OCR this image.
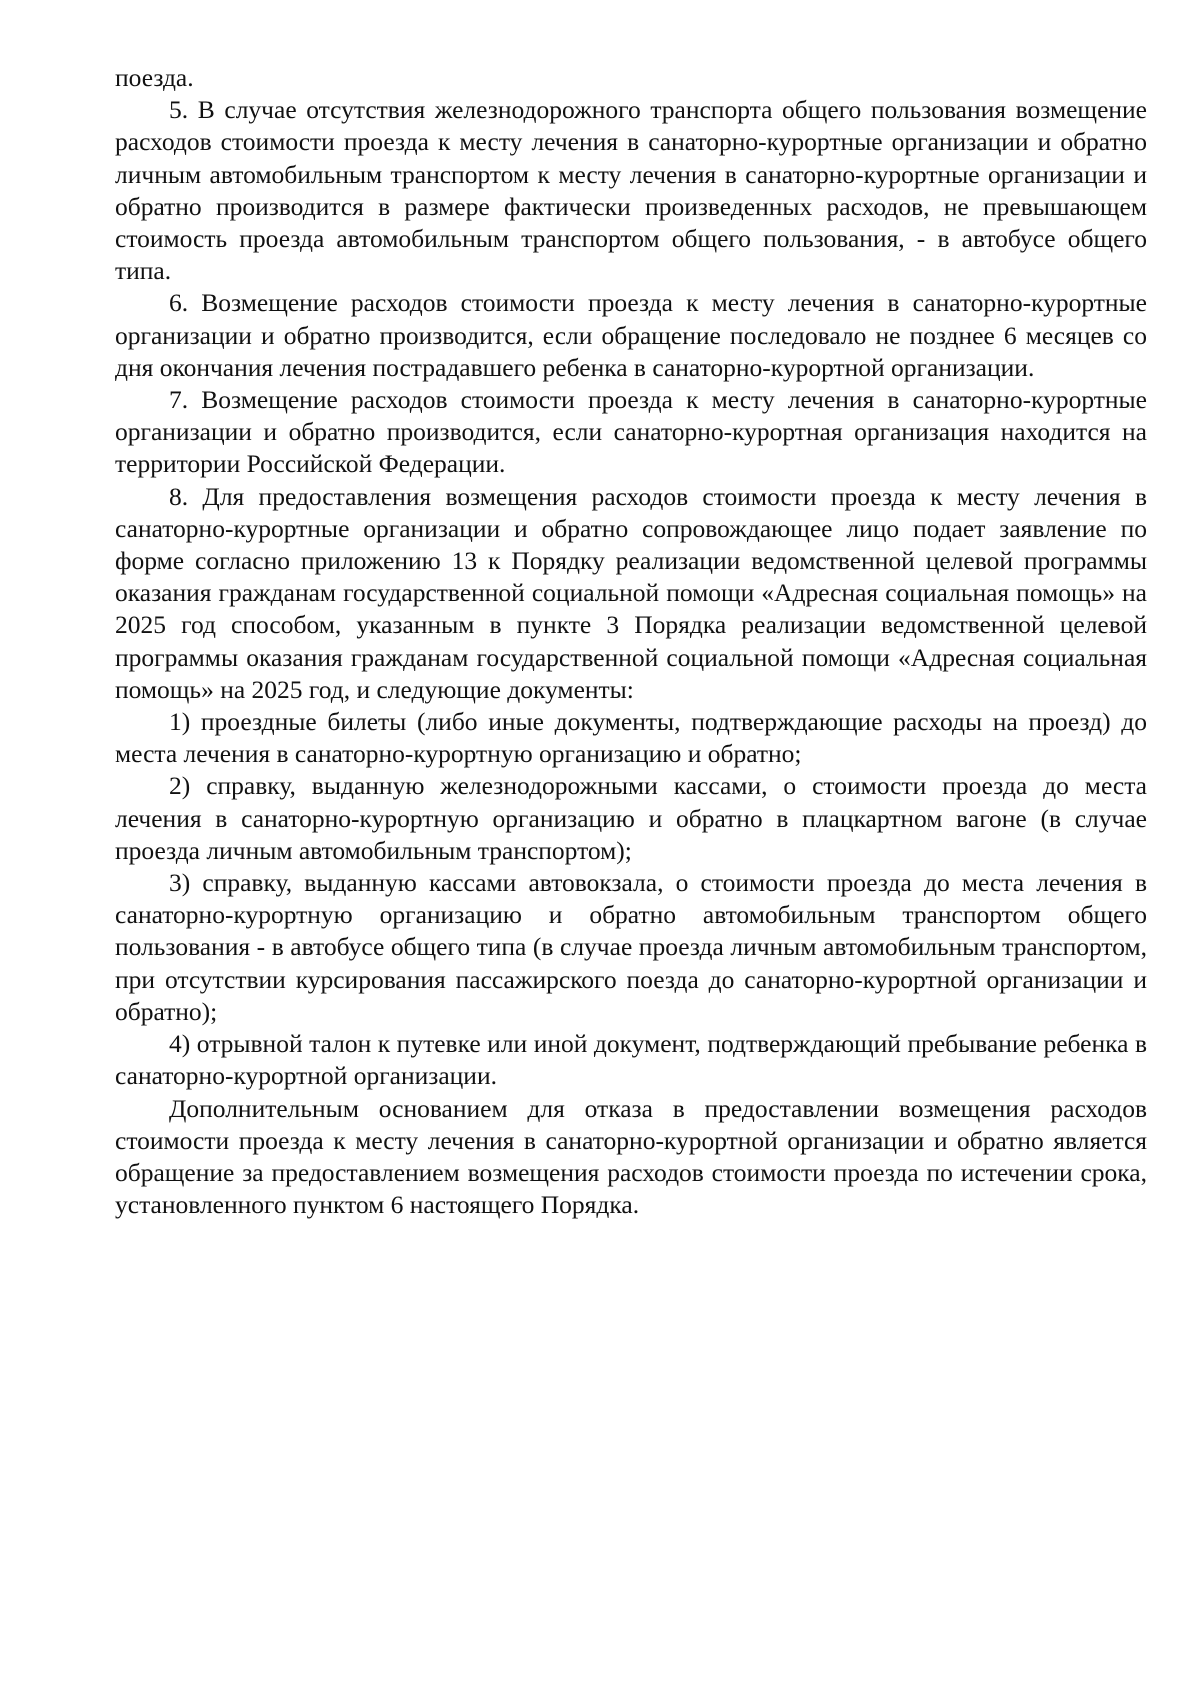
поезда.

5. В случае отсутствия железнодорожного транспорта общего пользования возмещение расходов стоимости проезда к месту лечения в санаторно-курортные организации и обратно личным автомобильным транспортом к месту лечения в санаторно-курортные организации и обратно производится в размере фактически произведенных расходов, не превышающем стоимость проезда автомобильным транспортом общего пользования, - в автобусе общего типа.

6. Возмещение расходов стоимости проезда к месту лечения в санаторно-курортные организации и обратно производится, если обращение последовало не позднее 6 месяцев со дня окончания лечения пострадавшего ребенка в санаторно-курортной организации.

7. Возмещение расходов стоимости проезда к месту лечения в санаторно-курортные организации и обратно производится, если санаторно-курортная организация находится на территории Российской Федерации.

8. Для предоставления возмещения расходов стоимости проезда к месту лечения в санаторно-курортные организации и обратно сопровождающее лицо подает заявление по форме согласно приложению 13 к Порядку реализации ведомственной целевой программы оказания гражданам государственной социальной помощи «Адресная социальная помощь» на 2025 год способом, указанным в пункте 3 Порядка реализации ведомственной целевой программы оказания гражданам государственной социальной помощи «Адресная социальная помощь» на 2025 год, и следующие документы:

1) проездные билеты (либо иные документы, подтверждающие расходы на проезд) до места лечения в санаторно-курортную организацию и обратно;

2) справку, выданную железнодорожными кассами, о стоимости проезда до места лечения в санаторно-курортную организацию и обратно в плацкартном вагоне (в случае проезда личным автомобильным транспортом);

3) справку, выданную кассами автовокзала, о стоимости проезда до места лечения в санаторно-курортную организацию и обратно автомобильным транспортом общего пользования - в автобусе общего типа (в случае проезда личным автомобильным транспортом, при отсутствии курсирования пассажирского поезда до санаторно-курортной организации и обратно);

4) отрывной талон к путевке или иной документ, подтверждающий пребывание ребенка в санаторно-курортной организации.

Дополнительным основанием для отказа в предоставлении возмещения расходов стоимости проезда к месту лечения в санаторно-курортной организации и обратно является обращение за предоставлением возмещения расходов стоимости проезда по истечении срока, установленного пунктом 6 настоящего Порядка.
